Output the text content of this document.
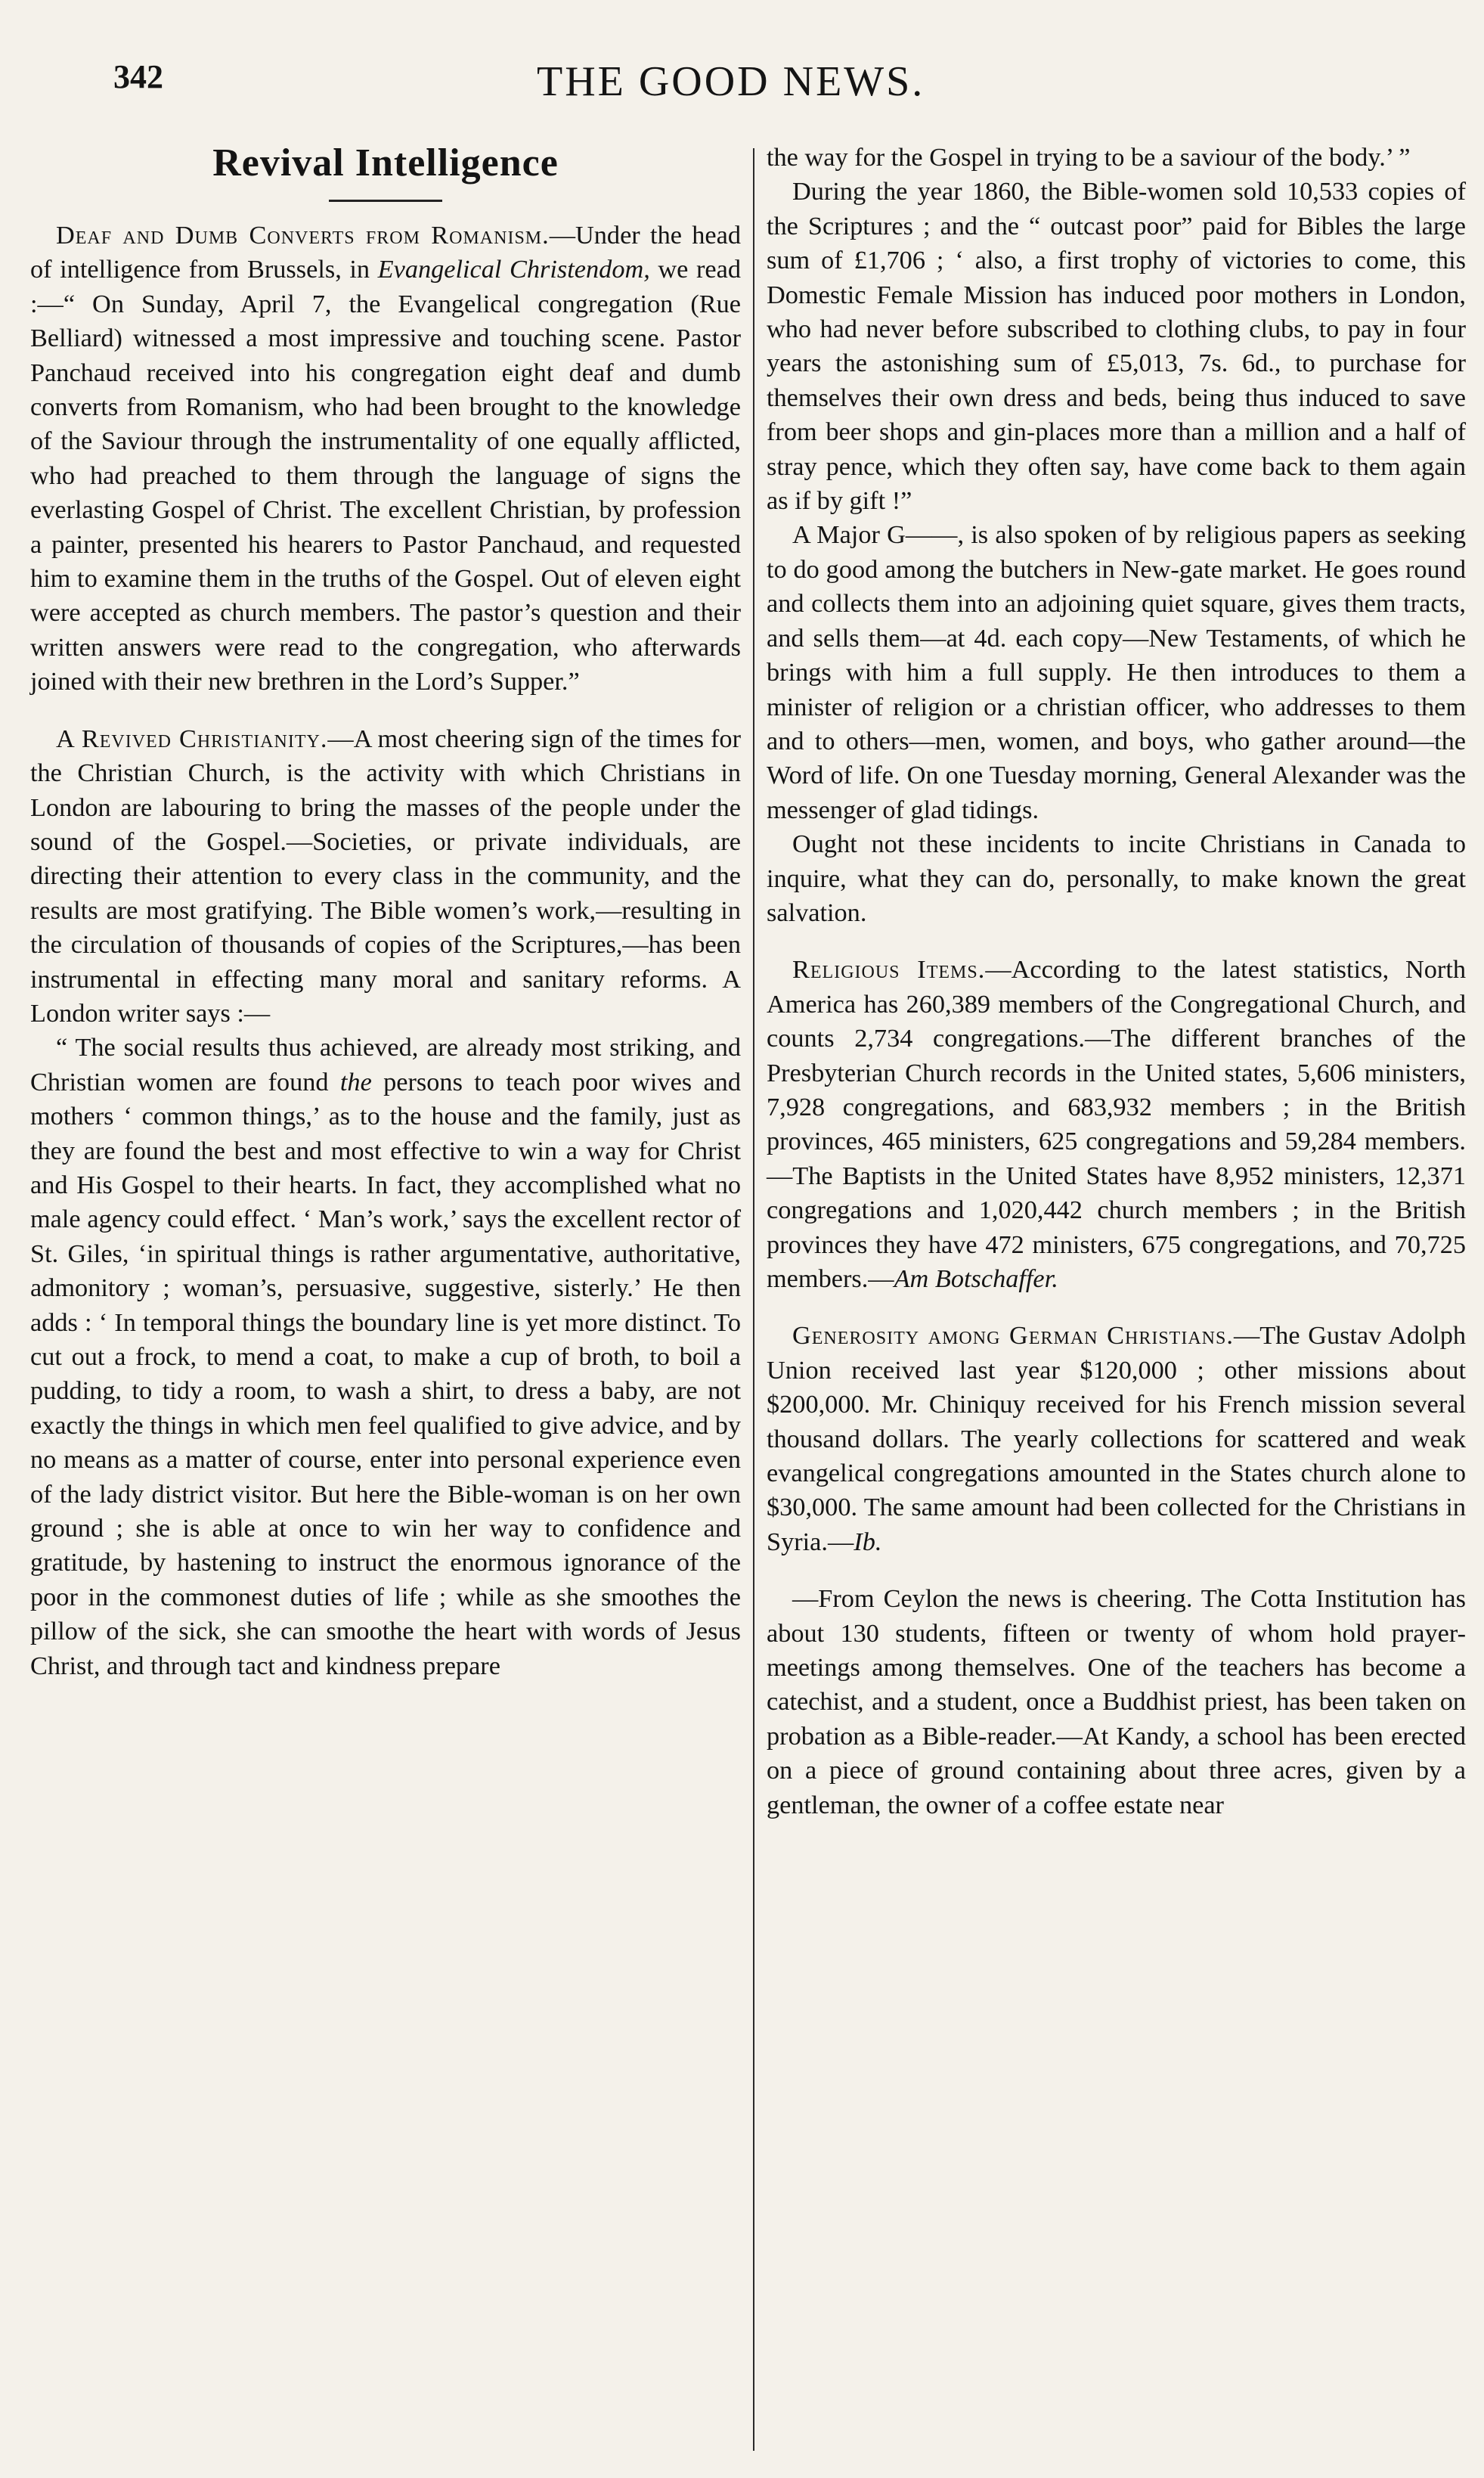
342	THE GOOD NEWS.
Revival Intelligence

Deaf and Dumb Converts from Romanism.—Under the head of intelligence from Brussels, in Evangelical Christendom, we read :—“ On Sunday, April 7, the Evangelical congregation (Rue Belliard) witnessed a most impressive and touching scene. Pastor Panchaud received into his congregation eight deaf and dumb converts from Romanism, who had been brought to the knowledge of the Saviour through the instrumentality of one equally afflicted, who had preached to them through the language of signs the everlasting Gospel of Christ. The excellent Christian, by profession a painter, presented his hearers to Pastor Panchaud, and requested him to examine them in the truths of the Gospel. Out of eleven eight were accepted as church members. The pastor’s question and their written answers were read to the congregation, who afterwards joined with their new brethren in the Lord’s Supper.”

A Revived Christianity.—A most cheering sign of the times for the Christian Church, is the activity with which Christians in London are labouring to bring the masses of the people under the sound of the Gospel.—Societies, or private individuals, are directing their attention to every class in the community, and the results are most gratifying. The Bible women’s work,—resulting in the circulation of thousands of copies of the Scriptures,—has been instrumental in effecting many moral and sanitary reforms. A London writer says :—

“ The social results thus achieved, are already most striking, and Christian women are found the persons to teach poor wives and mothers ‘ common things,’ as to the house and the family, just as they are found the best and most effective to win a way for Christ and His Gospel to their hearts. In fact, they accomplished what no male agency could effect. ‘ Man’s work,’ says the excellent rector of St. Giles, ‘in spiritual things is rather argumentative, authoritative, admonitory ; woman’s, persuasive, suggestive, sisterly.’ He then adds : ‘ In temporal things the boundary line is yet more distinct. To cut out a frock, to mend a coat, to make a cup of broth, to boil a pudding, to tidy a room, to wash a shirt, to dress a baby, are not exactly the things in which men feel qualified to give advice, and by no means as a matter of course, enter into personal experience even of the lady district visitor. But here the Bible-woman is on her own ground ; she is able at once to win her way to confidence and gratitude, by hastening to instruct the enormous ignorance of the poor in the commonest duties of life ; while as she smoothes the pillow of the sick, she can smoothe the heart with words of Jesus Christ, and through tact and kindness prepare

the way for the Gospel in trying to be a saviour of the body.’ ”

During the year 1860, the Bible-women sold 10,533 copies of the Scriptures ; and the “ outcast poor” paid for Bibles the large sum of £1,706 ; ‘ also, a first trophy of victories to come, this Domestic Female Mission has induced poor mothers in London, who had never before subscribed to clothing clubs, to pay in four years the astonishing sum of £5,013, 7s. 6d., to purchase for themselves their own dress and beds, being thus induced to save from beer shops and gin-places more than a million and a half of stray pence, which they often say, have come back to them again as if by gift !”

A Major G——, is also spoken of by religious papers as seeking to do good among the butchers in New-gate market. He goes round and collects them into an adjoining quiet square, gives them tracts, and sells them—at 4d. each copy—New Testaments, of which he brings with him a full supply. He then introduces to them a minister of religion or a christian officer, who addresses to them and to others—men, women, and boys, who gather around—the Word of life. On one Tuesday morning, General Alexander was the messenger of glad tidings.

Ought not these incidents to incite Christians in Canada to inquire, what they can do, personally, to make known the great salvation.

Religious Items.—According to the latest statistics, North America has 260,389 members of the Congregational Church, and counts 2,734 congregations.—The different branches of the Presbyterian Church records in the United states, 5,606 ministers, 7,928 congregations, and 683,932 members ; in the British provinces, 465 ministers, 625 congregations and 59,284 members.—The Baptists in the United States have 8,952 ministers, 12,371 congregations and 1,020,442 church members ; in the British provinces they have 472 ministers, 675 congregations, and 70,725 members.—Am Botschaffer.

Generosity among German Christians.—The Gustav Adolph Union received last year $120,000 ; other missions about $200,000. Mr. Chiniquy received for his French mission several thousand dollars. The yearly collections for scattered and weak evangelical congregations amounted in the States church alone to $30,000. The same amount had been collected for the Christians in Syria.—Ib.

—From Ceylon the news is cheering. The Cotta Institution has about 130 students, fifteen or twenty of whom hold prayer-meetings among themselves. One of the teachers has become a catechist, and a student, once a Buddhist priest, has been taken on probation as a Bible-reader.—At Kandy, a school has been erected on a piece of ground containing about three acres, given by a gentleman, the owner of a coffee estate near
